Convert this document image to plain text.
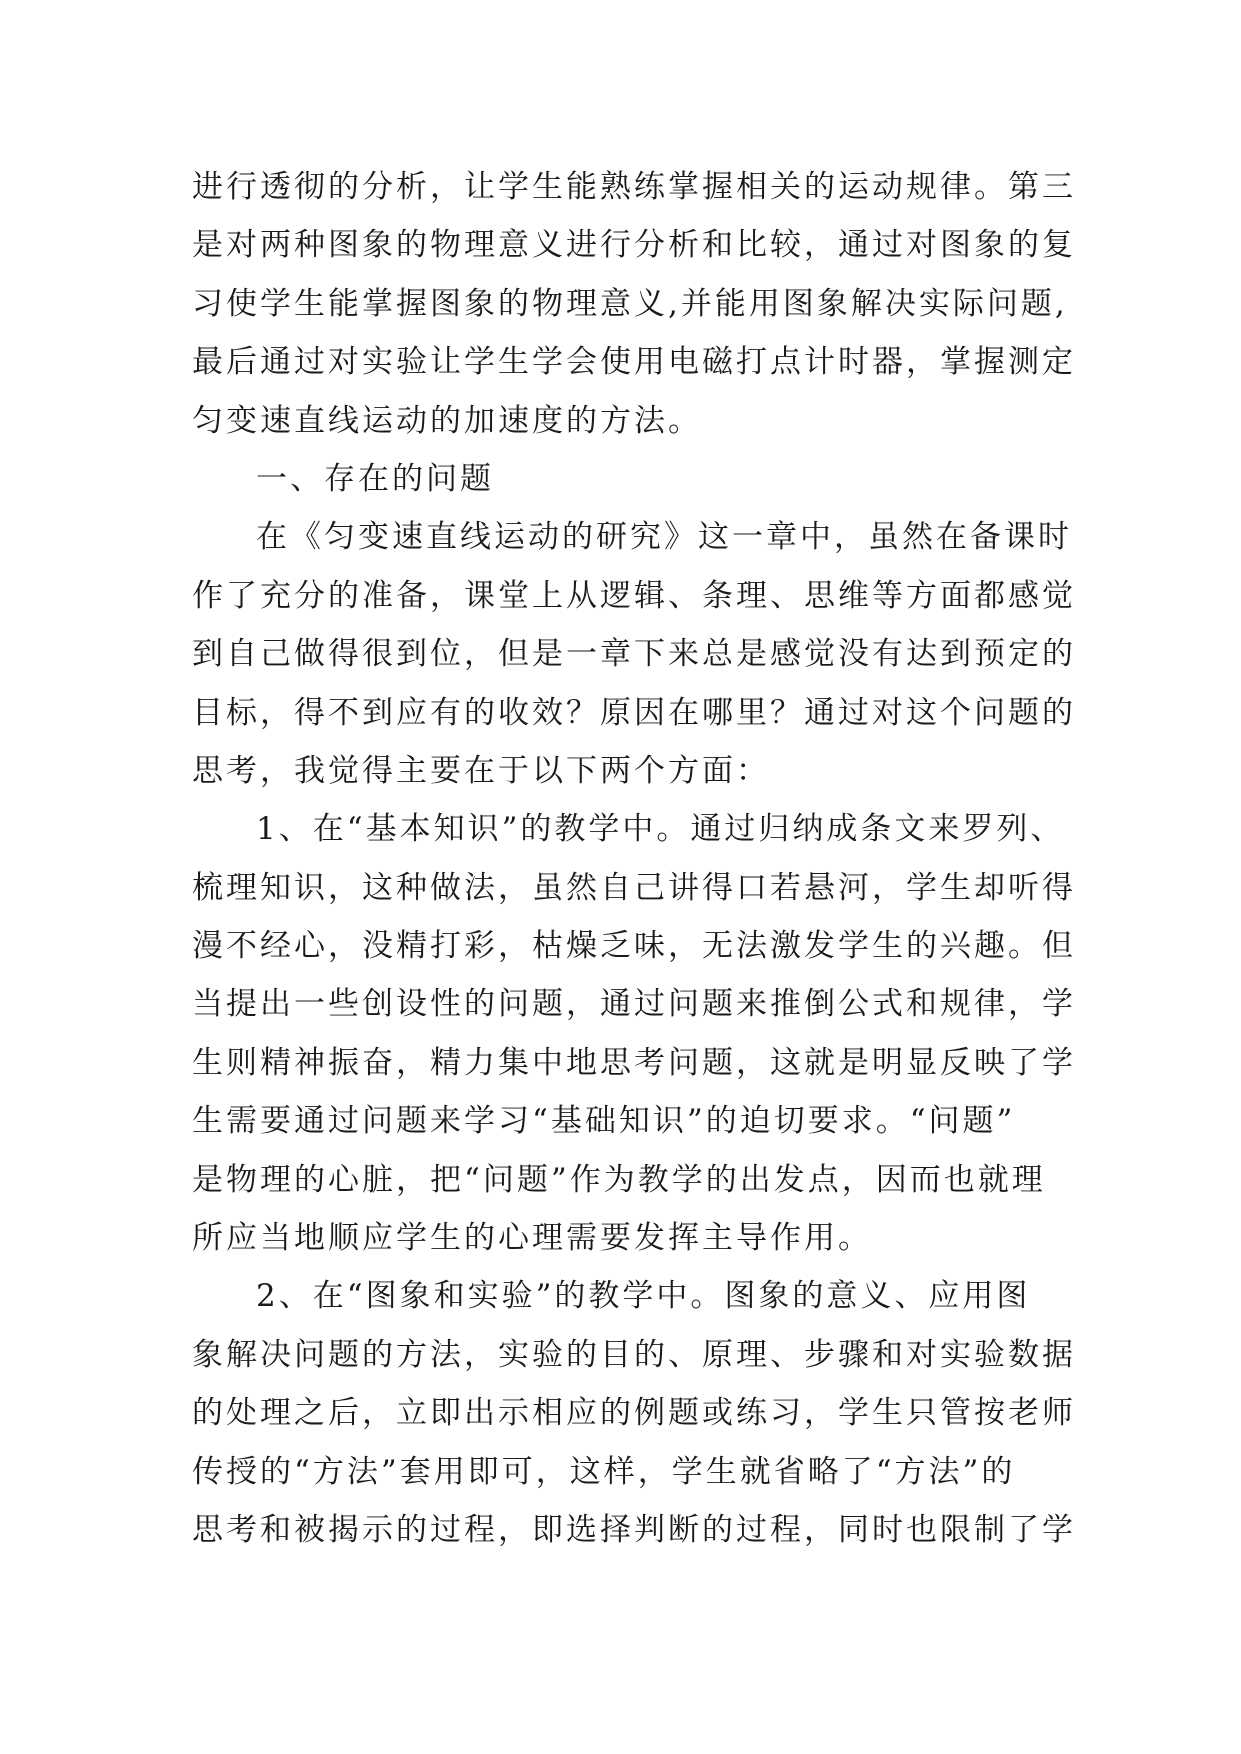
进行透彻的分析，让学生能熟练掌握相关的运动规律。第三
是对两种图象的物理意义进行分析和比较，通过对图象的复
习使学生能掌握图象的物理意义,并能用图象解决实际问题,
最后通过对实验让学生学会使用电磁打点计时器，掌握测定
匀变速直线运动的加速度的方法。
一、存在的问题
在《匀变速直线运动的研究》这一章中，虽然在备课时
作了充分的准备，课堂上从逻辑、条理、思维等方面都感觉
到自己做得很到位，但是一章下来总是感觉没有达到预定的
目标，得不到应有的收效？原因在哪里？通过对这个问题的
思考，我觉得主要在于以下两个方面：
1、在“基本知识”的教学中。通过归纳成条文来罗列、
梳理知识，这种做法，虽然自己讲得口若悬河，学生却听得
漫不经心，没精打彩，枯燥乏味，无法激发学生的兴趣。但
当提出一些创设性的问题，通过问题来推倒公式和规律，学
生则精神振奋，精力集中地思考问题，这就是明显反映了学
生需要通过问题来学习“基础知识”的迫切要求。“问题”
是物理的心脏，把“问题”作为教学的出发点，因而也就理
所应当地顺应学生的心理需要发挥主导作用。
2、在“图象和实验”的教学中。图象的意义、应用图
象解决问题的方法，实验的目的、原理、步骤和对实验数据
的处理之后，立即出示相应的例题或练习，学生只管按老师
传授的“方法”套用即可，这样，学生就省略了“方法”的
思考和被揭示的过程，即选择判断的过程，同时也限制了学
